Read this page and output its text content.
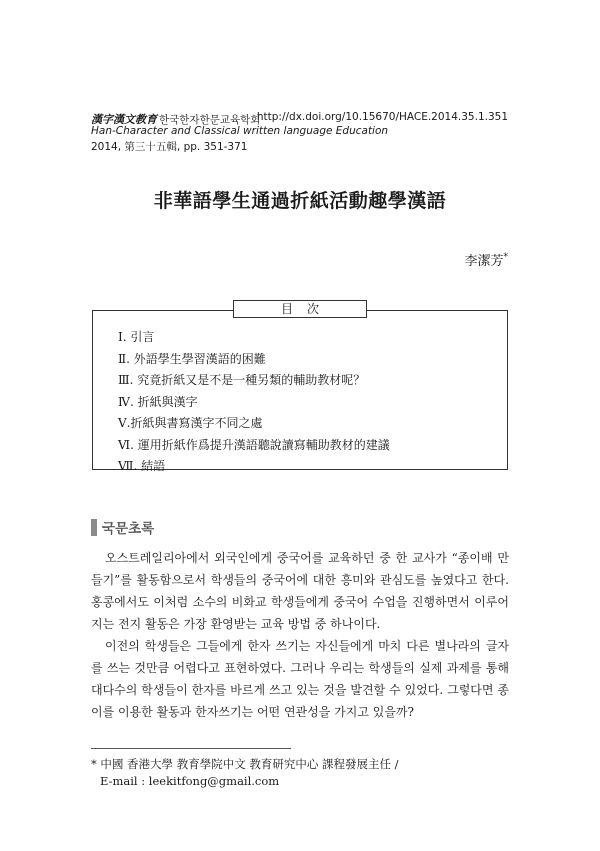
漢字漢文教育 한국한자한문교육학회
http://dx.doi.org/10.15670/HACE.2014.35.1.351
Han-Character and Classical written language Education
2014, 第三十五輯, pp. 351-371
非華語學生通過折紙活動趣學漢語
李潔芳*
目次
Ⅰ. 引言
Ⅱ. 外語學生學習漢語的困難
Ⅲ. 究竟折紙又是不是一種另類的輔助教材呢？
Ⅳ. 折紙與漢字
Ⅴ.折紙與書寫漢字不同之處
Ⅵ. 運用折紙作爲提升漢語聽說讀寫輔助教材的建議
Ⅶ. 結語
국문초록

오스트레일리아에서 외국인에게 중국어를 교육하던 중 한 교사가 “종이배 만들기”를 활동함으로서 학생들의 중국어에 대한 흥미와 관심도를 높였다고 한다. 홍콩에서도 이처럼 소수의 비화교 학생들에게 중국어 수업을 진행하면서 이루어지는 전지 활동은 가장 환영받는 교육 방법 중 하나이다.

이전의 학생들은 그들에게 한자 쓰기는 자신들에게 마치 다른 별나라의 글자를 쓰는 것만큼 어렵다고 표현하였다. 그러나 우리는 학생들의 실제 과제를 통해 대다수의 학생들이 한자를 바르게 쓰고 있는 것을 발견할 수 있었다. 그렇다면 종이를 이용한 활동과 한자쓰기는 어떤 연관성을 가지고 있을까?

* 中國 香港大學 教育學院中文 教育研究中心 課程發展主任 /
E-mail : leekitfong@gmail.com
